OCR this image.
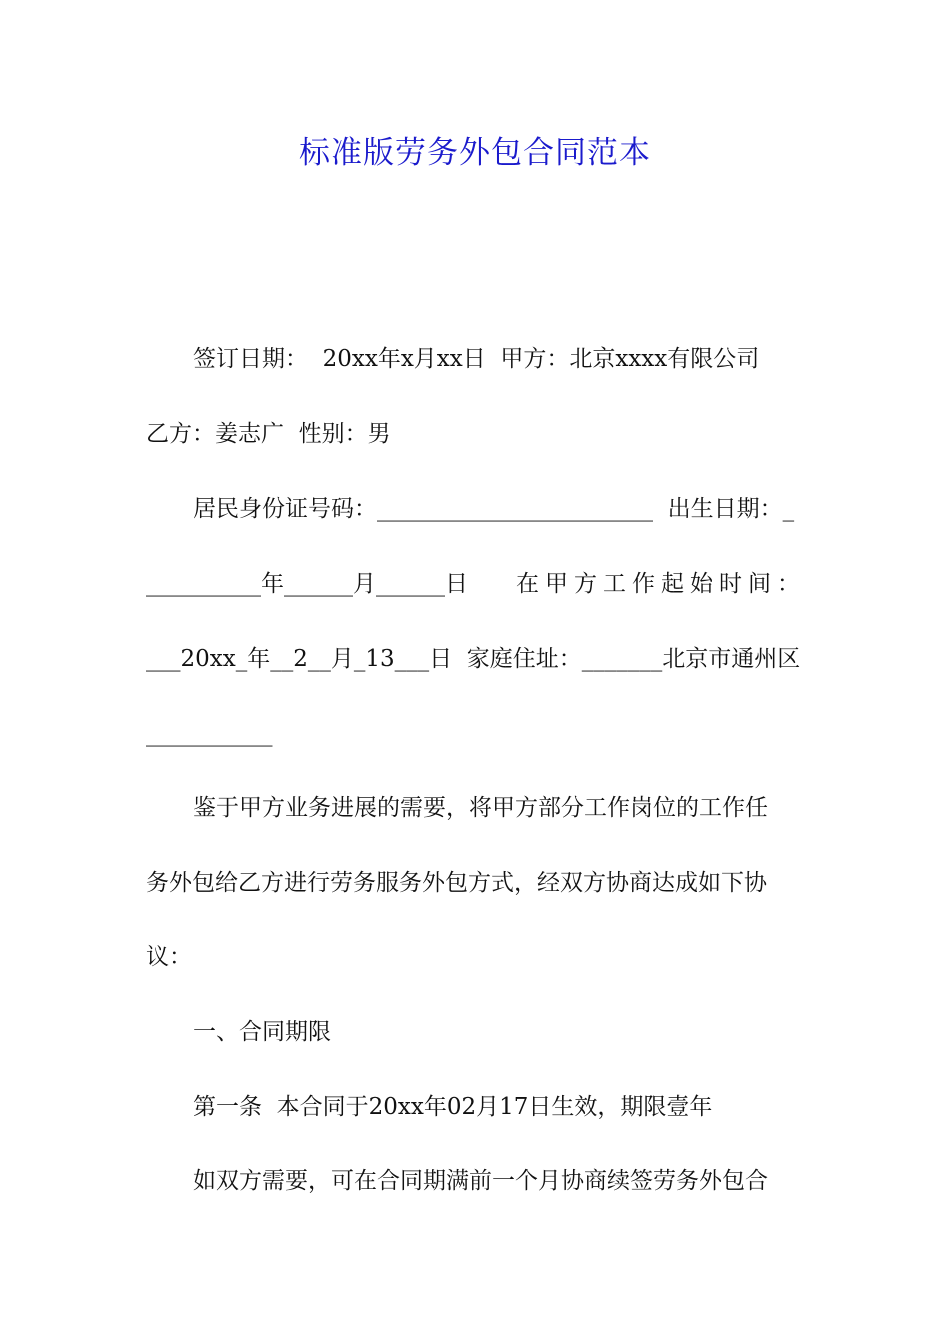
标准版劳务外包合同范本
签订日期：  20xx年x月xx日  甲方：北京xxxx有限公司
乙方：姜志广  性别：男
居民身份证号码：________________________  出生日期：_
__________年______月______日 在甲方工作起始时间：
___20xx_年__2__月_13___日  家庭住址：_______北京市通州区
___________
鉴于甲方业务进展的需要，将甲方部分工作岗位的工作任
务外包给乙方进行劳务服务外包方式，经双方协商达成如下协
议：
一、合同期限
第一条  本合同于20xx年02月17日生效，期限壹年
如双方需要，可在合同期满前一个月协商续签劳务外包合
